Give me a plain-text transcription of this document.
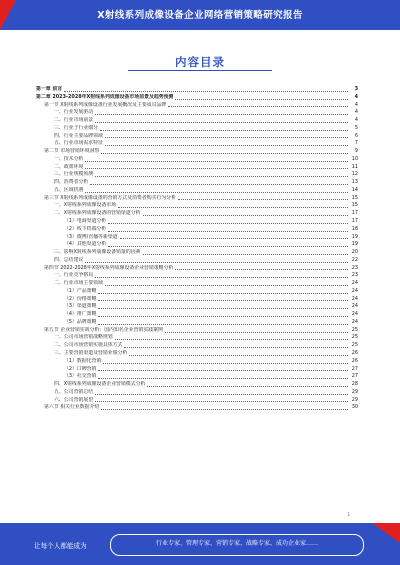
X射线系列成像设备企业网络营销策略研究报告
内容目录
第一章 前言	3
第二章 2023-2028年X射线系列成像设备市场前景及趋势预测	4
第一节 X射线系列成像设备行业发展概况及主要成员品牌	4
一、行业发展驱动	4
二、行业市场前景	4
三、行业子行业细分	5
四、行业主要品牌领域	6
五、行业市场需求特征	7
第二节 市场营销环境洞察	9
一、技术分析	10
二、政策环境	11
三、行业规模预测	12
四、消费者分析	13
五、区域机遇	14
第三节 X射线系列成像设备的营销方式及消费者购买行为分析	15
一、X射线系列成像设备市场	15
二、X射线系列成像设备的营销渠道分析	17
（1）电商渠道分析	17
（2）线下终端分析	18
（3）微博/直播等新渠道	19
（4）其他渠道分析	19
三、影响X射线系列成像设备销量的因素	20
四、总结建议	22
第四节 2022-2028年X射线系列成像设备企业营销策略分析	23
一、行业竞争格局	23
二、行业市场主要领域	24
（1）产品策略	24
（2）价格策略	24
（3）渠道策略	24
（4）推广策略	24
（5）品牌策略	24
第五节 企业营销实战分析：国内知名企业营销实践案例	25
一、公司市场营销战略规划	25
二、公司市场营销实施具体方式	25
三、主要营销渠道及营销业绩分析	26
（1）数据化营销	26
（2）口碑营销	27
（3）社交营销	27
四、X射线系列成像设备企业营销模式分析	28
五、公司营销总结	29
六、公司营销展望	29
第六节 相关行业数据介绍	30
1
让每个人都能成为	行业专家、管理专家、营销专家、战略专家、成功企业家……
